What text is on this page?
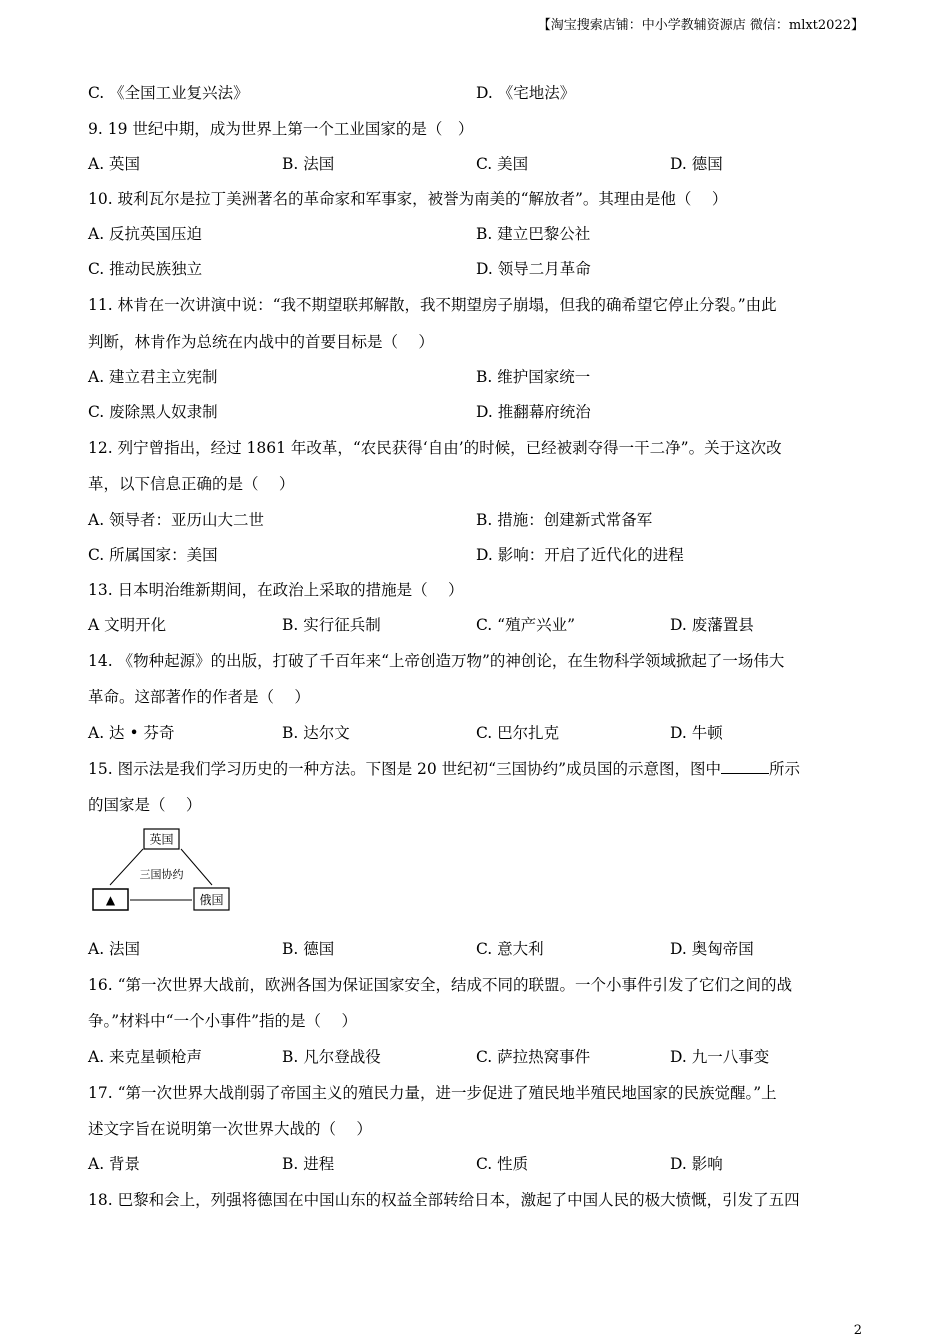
【淘宝搜索店铺：中小学教辅资源店 微信：mlxt2022】
C. 《全国工业复兴法》	D. 《宅地法》
9. 19 世纪中期，成为世界上第一个工业国家的是（　）
A. 英国	B. 法国	C. 美国	D. 德国
10. 玻利瓦尔是拉丁美洲著名的革命家和军事家，被誉为南美的“解放者”。其理由是他（　 ）
A. 反抗英国压迫	B. 建立巴黎公社
C. 推动民族独立	D. 领导二月革命
11. 林肯在一次讲演中说：“我不期望联邦解散，我不期望房子崩塌，但我的确希望它停止分裂。”由此
判断，林肯作为总统在内战中的首要目标是（　 ）
A. 建立君主立宪制	B. 维护国家统一
C. 废除黑人奴隶制	D. 推翻幕府统治
12. 列宁曾指出，经过 1861 年改革，“农民获得‘自由’的时候，已经被剥夺得一干二净”。关于这次改
革，以下信息正确的是（　 ）
A. 领导者：亚历山大二世	B. 措施：创建新式常备军
C. 所属国家：美国	D. 影响：开启了近代化的进程
13. 日本明治维新期间，在政治上采取的措施是（　 ）
A 文明开化	B. 实行征兵制	C. “殖产兴业”	D. 废藩置县
14. 《物种起源》的出版，打破了千百年来“上帝创造万物”的神创论，在生物科学领域掀起了一场伟大
革命。这部著作的作者是（　 ）
A. 达 • 芬奇	B. 达尔文	C. 巴尔扎克	D. 牛顿
15. 图示法是我们学习历史的一种方法。下图是 20 世纪初“三国协约”成员国的示意图，图中	所示
的国家是（　 ）
英国
三国协约
▲	俄国
A. 法国	B. 德国	C. 意大利	D. 奥匈帝国
16. “第一次世界大战前，欧洲各国为保证国家安全，结成不同的联盟。一个小事件引发了它们之间的战
争。”材料中“一个小事件”指的是（　 ）
A. 来克星顿枪声	B. 凡尔登战役	C. 萨拉热窝事件	D. 九一八事变
17. “第一次世界大战削弱了帝国主义的殖民力量，进一步促进了殖民地半殖民地国家的民族觉醒。”上
述文字旨在说明第一次世界大战的（　 ）
A. 背景	B. 进程	C. 性质	D. 影响
18. 巴黎和会上，列强将德国在中国山东的权益全部转给日本，激起了中国人民的极大愤慨，引发了五四
2
